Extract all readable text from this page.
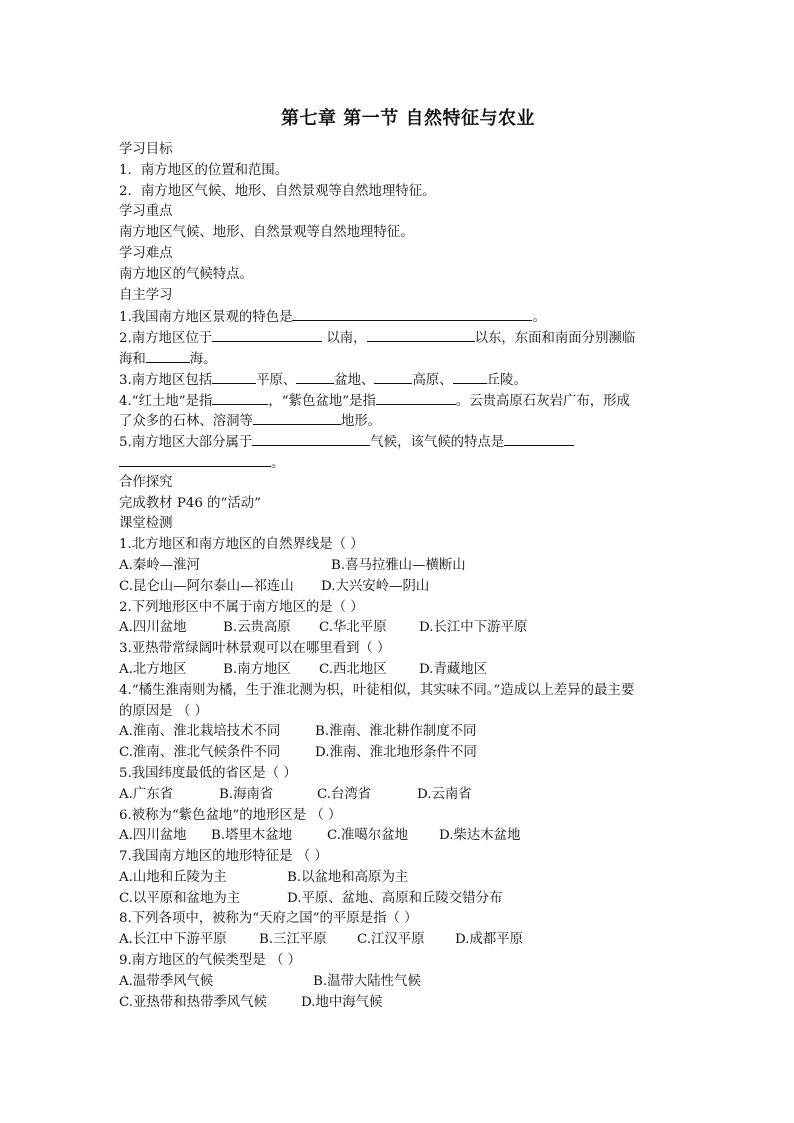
第七章 第一节 自然特征与农业
学习目标
1．南方地区的位置和范围。
2．南方地区气候、地形、自然景观等自然地理特征。
学习重点
南方地区气候、地形、自然景观等自然地理特征。
学习难点
南方地区的气候特点。
自主学习
1.我国南方地区景观的特色是	。
2.南方地区位于	以南，	以东，东面和南面分别濒临
海和	海。
3.南方地区包括	平原、	盆地、	高原、	丘陵。
4.“红土地”是指	，“紫色盆地”是指	。云贵高原石灰岩广布，形成
了众多的石林、溶洞等	地形。
5.南方地区大部分属于	气候，该气候的特点是
。
合作探究
完成教材 P46 的“活动”
课堂检测
1.北方地区和南方地区的自然界线是（ ）
A.秦岭—淮河	B.喜马拉雅山—横断山
C.昆仑山—阿尔泰山—祁连山 D.大兴安岭—阴山
2.下列地形区中不属于南方地区的是（ ）
A.四川盆地	B.云贵高原 C.华北平原 D.长江中下游平原
3.亚热带常绿阔叶林景观可以在哪里看到（ ）
A.北方地区	B.南方地区 C.西北地区 D.青藏地区
4.“橘生淮南则为橘，生于淮北测为枳，叶徒相似，其实味不同。”造成以上差异的最主要
的原因是 （ ）
A.淮南、淮北栽培技术不同	B.淮南、淮北耕作制度不同
C.淮南、淮北气候条件不同	D.淮南、淮北地形条件不同
5.我国纬度最低的省区是（ ）
A.广东省	B.海南省	C.台湾省	D.云南省
6.被称为“紫色盆地”的地形区是 （ ）
A.四川盆地 B.塔里木盆地	C.准噶尔盆地 D.柴达木盆地
7.我国南方地区的地形特征是 （ ）
A.山地和丘陵为主	B.以盆地和高原为主
C.以平原和盆地为主	D.平原、盆地、高原和丘陵交错分布
8.下列各项中，被称为“天府之国”的平原是指（ ）
A.长江中下游平原 B.三江平原 C.江汉平原 D.成都平原
9.南方地区的气候类型是 （ ）
A.温带季风气候	B.温带大陆性气候
C.亚热带和热带季风气候	D.地中海气候
